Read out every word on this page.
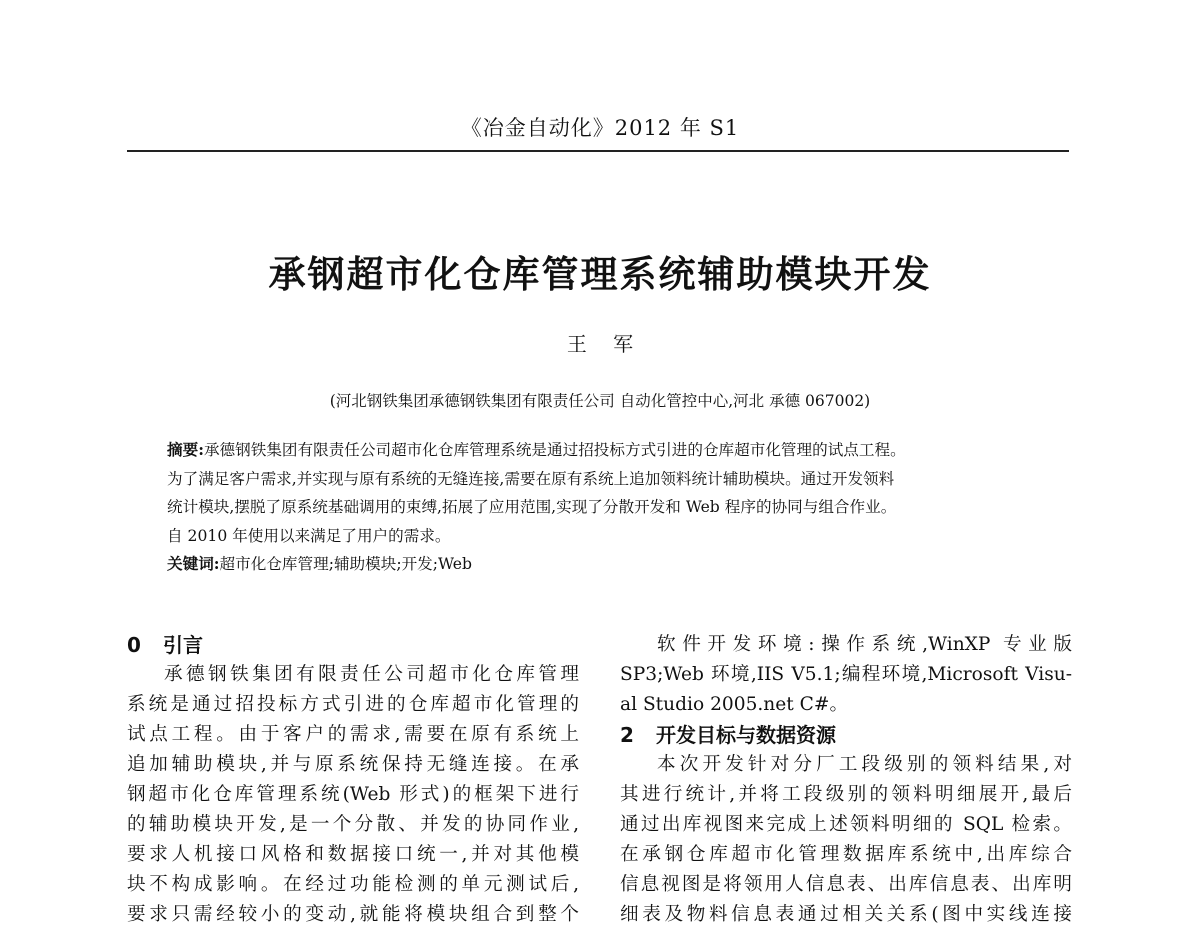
《冶金自动化》2012 年 S1
承钢超市化仓库管理系统辅助模块开发
王 军
(河北钢铁集团承德钢铁集团有限责任公司 自动化管控中心,河北 承德 067002)

摘要:承德钢铁集团有限责任公司超市化仓库管理系统是通过招投标方式引进的仓库超市化管理的试点工程。

为了满足客户需求,并实现与原有系统的无缝连接,需要在原有系统上追加领料统计辅助模块。通过开发领料

统计模块,摆脱了原系统基础调用的束缚,拓展了应用范围,实现了分散开发和 Web 程序的协同与组合作业。

自 2010 年使用以来满足了用户的需求。

关键词:超市化仓库管理;辅助模块;开发;Web

0 引言
承德钢铁集团有限责任公司超市化仓库管理
系统是通过招投标方式引进的仓库超市化管理的
试点工程。由于客户的需求,需要在原有系统上
追加辅助模块,并与原系统保持无缝连接。在承
钢超市化仓库管理系统(Web 形式)的框架下进行
的辅助模块开发,是一个分散、并发的协同作业,
要求人机接口风格和数据接口统一,并对其他模
块不构成影响。在经过功能检测的单元测试后,
要求只需经较小的变动,就能将模块组合到整个
软件开发环境:操作系统,WinXP 专业版
SP3;Web 环境,IIS V5.1;编程环境,Microsoft Visu-
al Studio 2005.net C#。
2 开发目标与数据资源
本次开发针对分厂工段级别的领料结果,对
其进行统计,并将工段级别的领料明细展开,最后
通过出库视图来完成上述领料明细的 SQL 检索。
在承钢仓库超市化管理数据库系统中,出库综合
信息视图是将领用人信息表、出库信息表、出库明
细表及物料信息表通过相关关系(图中实线连接
